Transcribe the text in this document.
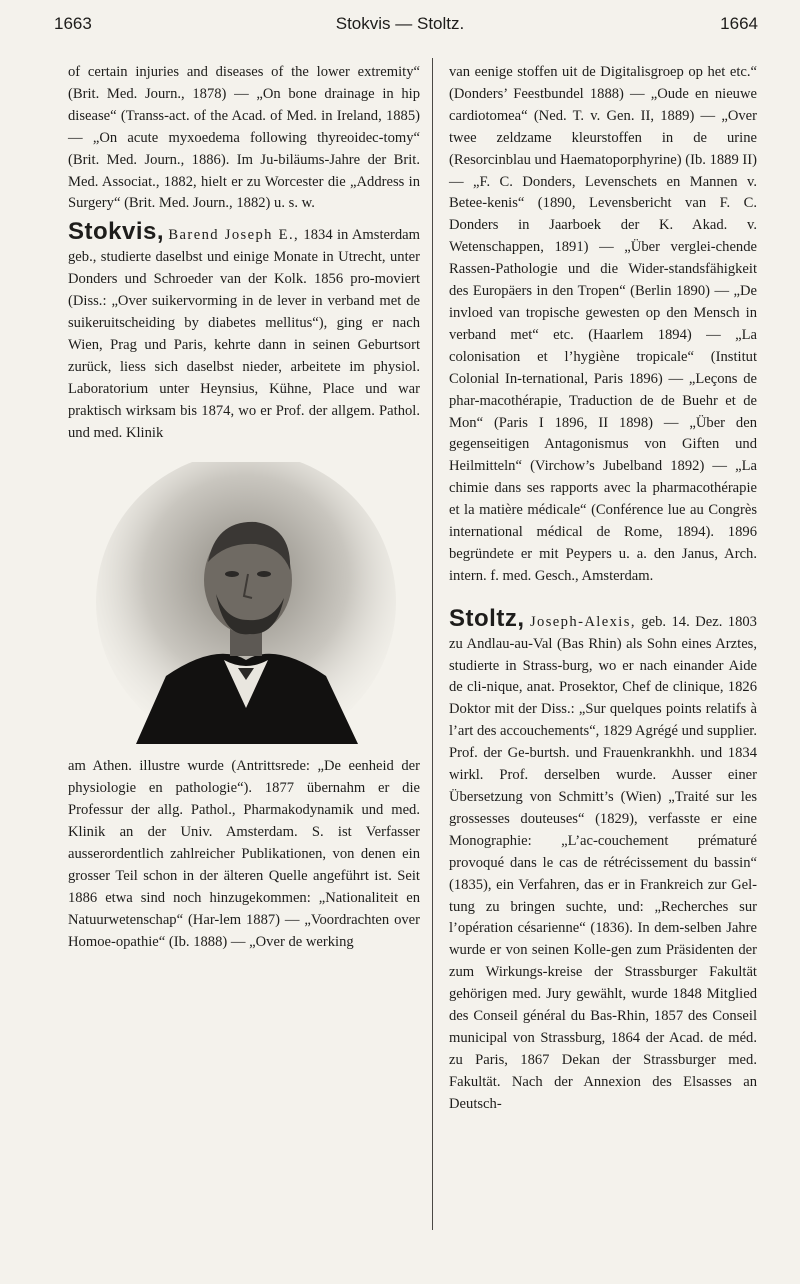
1663	Stokvis — Stoltz.	1664

of certain injuries and diseases of the lower extremity“ (Brit. Med. Journ., 1878) — „On bone drainage in hip disease“ (Transs-act. of the Acad. of Med. in Ireland, 1885) — „On acute myxoedema following thyreoidec-tomy“ (Brit. Med. Journ., 1886). Im Ju-biläums-Jahre der Brit. Med. Associat., 1882, hielt er zu Worcester die „Address in Surgery“ (Brit. Med. Journ., 1882) u. s. w.

Stokvis, Barend Joseph E., 1834 in Amsterdam geb., studierte daselbst und einige Monate in Utrecht, unter Donders und Schroeder van der Kolk. 1856 pro-moviert (Diss.: „Over suikervorming in de lever in verband met de suikeruitscheiding by diabetes mellitus“), ging er nach Wien, Prag und Paris, kehrte dann in seinen Geburtsort zurück, liess sich daselbst nieder, arbeitete im physiol. Laboratorium unter Heynsius, Kühne, Place und war praktisch wirksam bis 1874, wo er Prof. der allgem. Pathol. und med. Klinik

am Athen. illustre wurde (Antrittsrede: „De eenheid der physiologie en pathologie“). 1877 übernahm er die Professur der allg. Pathol., Pharmakodynamik und med. Klinik an der Univ. Amsterdam. S. ist Verfasser ausserordentlich zahlreicher Publikationen, von denen ein grosser Teil schon in der älteren Quelle angeführt ist. Seit 1886 etwa sind noch hinzugekommen: „Nationaliteit en Natuurwetenschap“ (Har-lem 1887) — „Voordrachten over Homoe-opathie“ (Ib. 1888) — „Over de werking

van eenige stoffen uit de Digitalisgroep op het etc.“ (Donders’ Feestbundel 1888) — „Oude en nieuwe cardiotomea“ (Ned. T. v. Gen. II, 1889) — „Over twee zeldzame kleurstoffen in de urine (Resorcinblau und Haematoporphyrine) (Ib. 1889 II) — „F. C. Donders, Levenschets en Mannen v. Betee-kenis“ (1890, Levensbericht van F. C. Donders in Jaarboek der K. Akad. v. Wetenschappen, 1891) — „Über verglei-chende Rassen-Pathologie und die Wider-standsfähigkeit des Europäers in den Tropen“ (Berlin 1890) — „De invloed van tropische gewesten op den Mensch in verband met“ etc. (Haarlem 1894) — „La colonisation et l’hygiène tropicale“ (Institut Colonial In-ternational, Paris 1896) — „Leçons de phar-macothérapie, Traduction de de Buehr et de Mon“ (Paris I 1896, II 1898) — „Über den gegenseitigen Antagonismus von Giften und Heilmitteln“ (Virchow’s Jubelband 1892) — „La chimie dans ses rapports avec la pharmacothérapie et la matière médicale“ (Conférence lue au Congrès international médical de Rome, 1894). 1896 begründete er mit Peypers u. a. den Janus, Arch. intern. f. med. Gesch., Amsterdam.

Stoltz, Joseph-Alexis, geb. 14. Dez. 1803 zu Andlau-au-Val (Bas Rhin) als Sohn eines Arztes, studierte in Strass-burg, wo er nach einander Aide de cli-nique, anat. Prosektor, Chef de clinique, 1826 Doktor mit der Diss.: „Sur quelques points relatifs à l’art des accouchements“, 1829 Agrégé und supplier. Prof. der Ge-burtsh. und Frauenkrankhh. und 1834 wirkl. Prof. derselben wurde. Ausser einer Übersetzung von Schmitt’s (Wien) „Traité sur les grossesses douteuses“ (1829), verfasste er eine Monographie: „L’ac-couchement prématuré provoqué dans le cas de rétrécissement du bassin“ (1835), ein Verfahren, das er in Frankreich zur Gel-tung zu bringen suchte, und: „Recherches sur l’opération césarienne“ (1836). In dem-selben Jahre wurde er von seinen Kolle-gen zum Präsidenten der zum Wirkungs-kreise der Strassburger Fakultät gehörigen med. Jury gewählt, wurde 1848 Mitglied des Conseil général du Bas-Rhin, 1857 des Conseil municipal von Strassburg, 1864 der Acad. de méd. zu Paris, 1867 Dekan der Strassburger med. Fakultät. Nach der Annexion des Elsasses an Deutsch-
